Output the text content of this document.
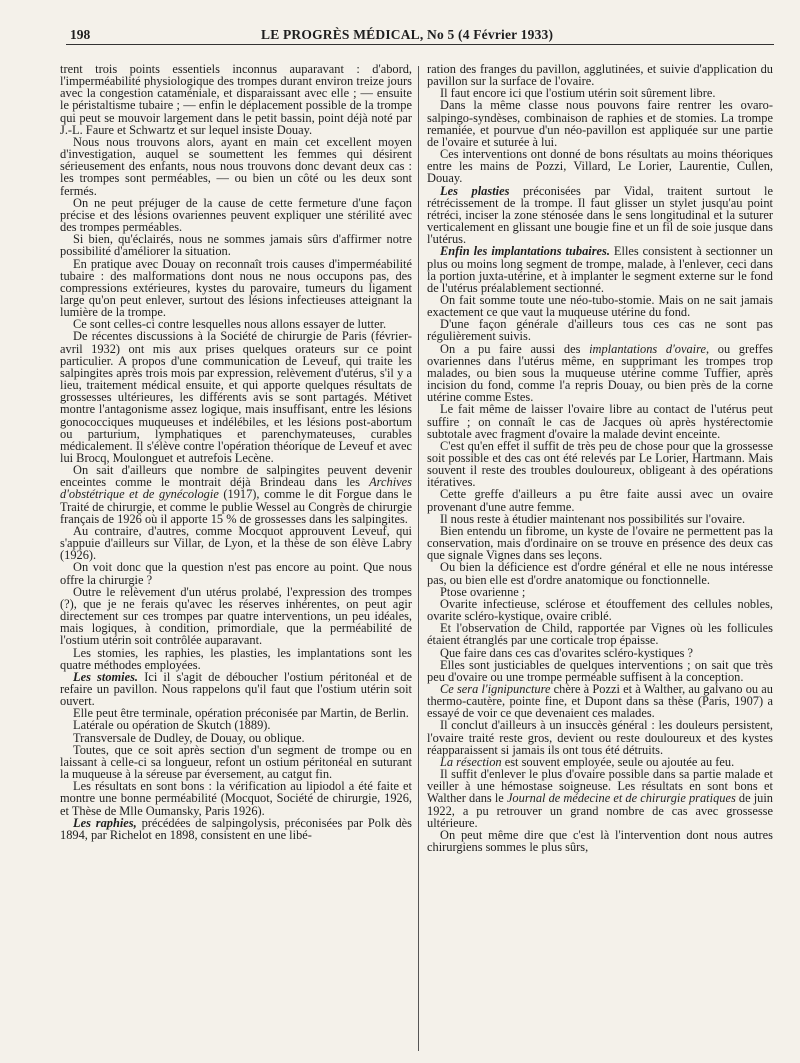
198	LE PROGRÈS MÉDICAL, No 5 (4 Février 1933)

trent trois points essentiels inconnus auparavant : d'abord, l'imperméabilité physiologique des trompes durant environ treize jours avec la congestion cataméniale, et disparaissant avec elle ; — ensuite le péristaltisme tubaire ; — enfin le déplacement possible de la trompe qui peut se mouvoir largement dans le petit bassin, point déjà noté par J.-L. Faure et Schwartz et sur lequel insiste Douay.

Nous nous trouvons alors, ayant en main cet excellent moyen d'investigation, auquel se soumettent les femmes qui désirent sérieusement des enfants, nous nous trouvons donc devant deux cas : les trompes sont perméables, — ou bien un côté ou les deux sont fermés.

On ne peut préjuger de la cause de cette fermeture d'une façon précise et des lésions ovariennes peuvent expliquer une stérilité avec des trompes perméables.

Si bien, qu'éclairés, nous ne sommes jamais sûrs d'affirmer notre possibilité d'améliorer la situation.

En pratique avec Douay on reconnaît trois causes d'imperméabilité tubaire : des malformations dont nous ne nous occupons pas, des compressions extérieures, kystes du parovaire, tumeurs du ligament large qu'on peut enlever, surtout des lésions infectieuses atteignant la lumière de la trompe.

Ce sont celles-ci contre lesquelles nous allons essayer de lutter.

De récentes discussions à la Société de chirurgie de Paris (février-avril 1932) ont mis aux prises quelques orateurs sur ce point particulier. A propos d'une communication de Leveuf, qui traite les salpingites après trois mois par expression, relèvement d'utérus, s'il y a lieu, traitement médical ensuite, et qui apporte quelques résultats de grossesses ultérieures, les différents avis se sont partagés. Métivet montre l'antagonisme assez logique, mais insuffisant, entre les lésions gonococciques muqueuses et indélébiles, et les lésions post-abortum ou parturium, lymphatiques et parenchymateuses, curables médicalement. Il s'élève contre l'opération théorique de Leveuf et avec lui Brocq, Moulonguet et autrefois Lecène.

On sait d'ailleurs que nombre de salpingites peuvent devenir enceintes comme le montrait déjà Brindeau dans les Archives d'obstétrique et de gynécologie (1917), comme le dit Forgue dans le Traité de chirurgie, et comme le publie Wessel au Congrès de chirurgie français de 1926 où il apporte 15 % de grossesses dans les salpingites.

Au contraire, d'autres, comme Mocquot approuvent Leveuf, qui s'appuie d'ailleurs sur Villar, de Lyon, et la thèse de son élève Labry (1926).

On voit donc que la question n'est pas encore au point. Que nous offre la chirurgie ?

Outre le relèvement d'un utérus prolabé, l'expression des trompes (?), que je ne ferais qu'avec les réserves inhérentes, on peut agir directement sur ces trompes par quatre interventions, un peu idéales, mais logiques, à condition, primordiale, que la perméabilité de l'ostium utérin soit contrôlée auparavant.

Les stomies, les raphies, les plasties, les implantations sont les quatre méthodes employées.

Les stomies. Ici il s'agit de déboucher l'ostium péritonéal et de refaire un pavillon. Nous rappelons qu'il faut que l'ostium utérin soit ouvert.

Elle peut être terminale, opération préconisée par Martin, de Berlin.

Latérale ou opération de Skutch (1889).

Transversale de Dudley, de Douay, ou oblique.

Toutes, que ce soit après section d'un segment de trompe ou en laissant à celle-ci sa longueur, refont un ostium péritonéal en suturant la muqueuse à la séreuse par éversement, au catgut fin.

Les résultats en sont bons : la vérification au lipiodol a été faite et montre une bonne perméabilité (Mocquot, Société de chirurgie, 1926, et Thèse de Mlle Oumansky, Paris 1926).

Les raphies, précédées de salpingolysis, préconisées par Polk dès 1894, par Richelot en 1898, consistent en une libé-

ration des franges du pavillon, agglutinées, et suivie d'application du pavillon sur la surface de l'ovaire.

Il faut encore ici que l'ostium utérin soit sûrement libre.

Dans la même classe nous pouvons faire rentrer les ovaro-salpingo-syndèses, combinaison de raphies et de stomies. La trompe remaniée, et pourvue d'un néo-pavillon est appliquée sur une partie de l'ovaire et suturée à lui.

Ces interventions ont donné de bons résultats au moins théoriques entre les mains de Pozzi, Villard, Le Lorier, Laurentie, Cullen, Douay.

Les plasties préconisées par Vidal, traitent surtout le rétrécissement de la trompe. Il faut glisser un stylet jusqu'au point rétréci, inciser la zone sténosée dans le sens longitudinal et la suturer verticalement en glissant une bougie fine et un fil de soie jusque dans l'utérus.

Enfin les implantations tubaires. Elles consistent à sectionner un plus ou moins long segment de trompe, malade, à l'enlever, ceci dans la portion juxta-utérine, et à implanter le segment externe sur le fond de l'utérus préalablement sectionné.

On fait somme toute une néo-tubo-stomie. Mais on ne sait jamais exactement ce que vaut la muqueuse utérine du fond.

D'une façon générale d'ailleurs tous ces cas ne sont pas régulièrement suivis.

On a pu faire aussi des implantations d'ovaire, ou greffes ovariennes dans l'utérus même, en supprimant les trompes trop malades, ou bien sous la muqueuse utérine comme Tuffier, après incision du fond, comme l'a repris Douay, ou bien près de la corne utérine comme Estes.

Le fait même de laisser l'ovaire libre au contact de l'utérus peut suffire ; on connaît le cas de Jacques où après hystérectomie subtotale avec fragment d'ovaire la malade devint enceinte.

C'est qu'en effet il suffit de très peu de chose pour que la grossesse soit possible et des cas ont été relevés par Le Lorier, Hartmann. Mais souvent il reste des troubles douloureux, obligeant à des opérations itératives.

Cette greffe d'ailleurs a pu être faite aussi avec un ovaire provenant d'une autre femme.

Il nous reste à étudier maintenant nos possibilités sur l'ovaire.

Bien entendu un fibrome, un kyste de l'ovaire ne permettent pas la conservation, mais d'ordinaire on se trouve en présence des deux cas que signale Vignes dans ses leçons.

Ou bien la déficience est d'ordre général et elle ne nous intéresse pas, ou bien elle est d'ordre anatomique ou fonctionnelle.

Ptose ovarienne ;

Ovarite infectieuse, sclérose et étouffement des cellules nobles, ovarite scléro-kystique, ovaire criblé.

Et l'observation de Child, rapportée par Vignes où les follicules étaient étranglés par une corticale trop épaisse.

Que faire dans ces cas d'ovarites scléro-kystiques ?

Elles sont justiciables de quelques interventions ; on sait que très peu d'ovaire ou une trompe perméable suffisent à la conception.

Ce sera l'ignipuncture chère à Pozzi et à Walther, au galvano ou au thermo-cautère, pointe fine, et Dupont dans sa thèse (Paris, 1907) a essayé de voir ce que devenaient ces malades.

Il conclut d'ailleurs à un insuccès général : les douleurs persistent, l'ovaire traité reste gros, devient ou reste douloureux et des kystes réapparaissent si jamais ils ont tous été détruits.

La résection est souvent employée, seule ou ajoutée au feu.

Il suffit d'enlever le plus d'ovaire possible dans sa partie malade et veiller à une hémostase soigneuse. Les résultats en sont bons et Walther dans le Journal de médecine et de chirurgie pratiques de juin 1922, a pu retrouver un grand nombre de cas avec grossesse ultérieure.

On peut même dire que c'est là l'intervention dont nous autres chirurgiens sommes le plus sûrs,
